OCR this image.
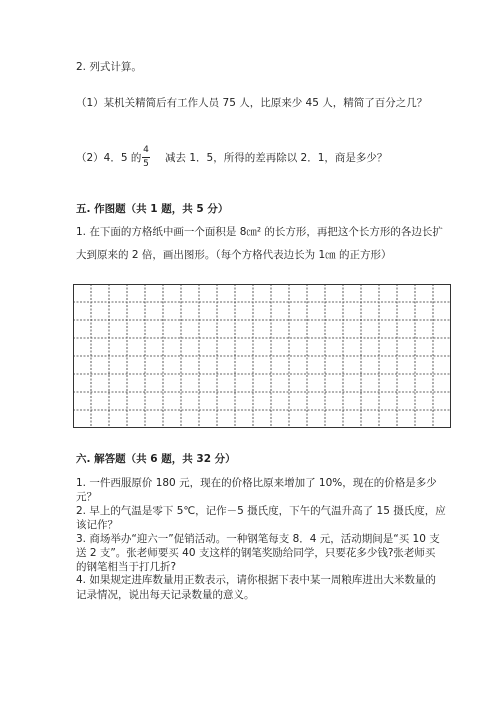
2. 列式计算。
（1）某机关精简后有工作人员 75 人，比原来少 45 人，精简了百分之几？
（2）4．5 的
4
5 减去 1．5，所得的差再除以 2．1，商是多少？
五. 作图题（共 1 题，共 5 分）
1. 在下面的方格纸中画一个面积是 8㎝² 的长方形，再把这个长方形的各边长扩
大到原来的 2 倍，画出图形。（每个方格代表边长为 1㎝ 的正方形）
六. 解答题（共 6 题，共 32 分）
1. 一件西服原价 180 元，现在的价格比原来增加了 10%，现在的价格是多少
元？
2. 早上的气温是零下 5℃，记作－5 摄氏度，下午的气温升高了 15 摄氏度，应
该记作？
3. 商场举办“迎六一”促销活动。一种钢笔每支 8．4 元，活动期间是“买 10 支
送 2 支”。张老师要买 40 支这样的钢笔奖励给同学，只要花多少钱?张老师买
的钢笔相当于打几折?
4. 如果规定进库数量用正数表示，请你根据下表中某一周粮库进出大米数量的
记录情况，说出每天记录数量的意义。
